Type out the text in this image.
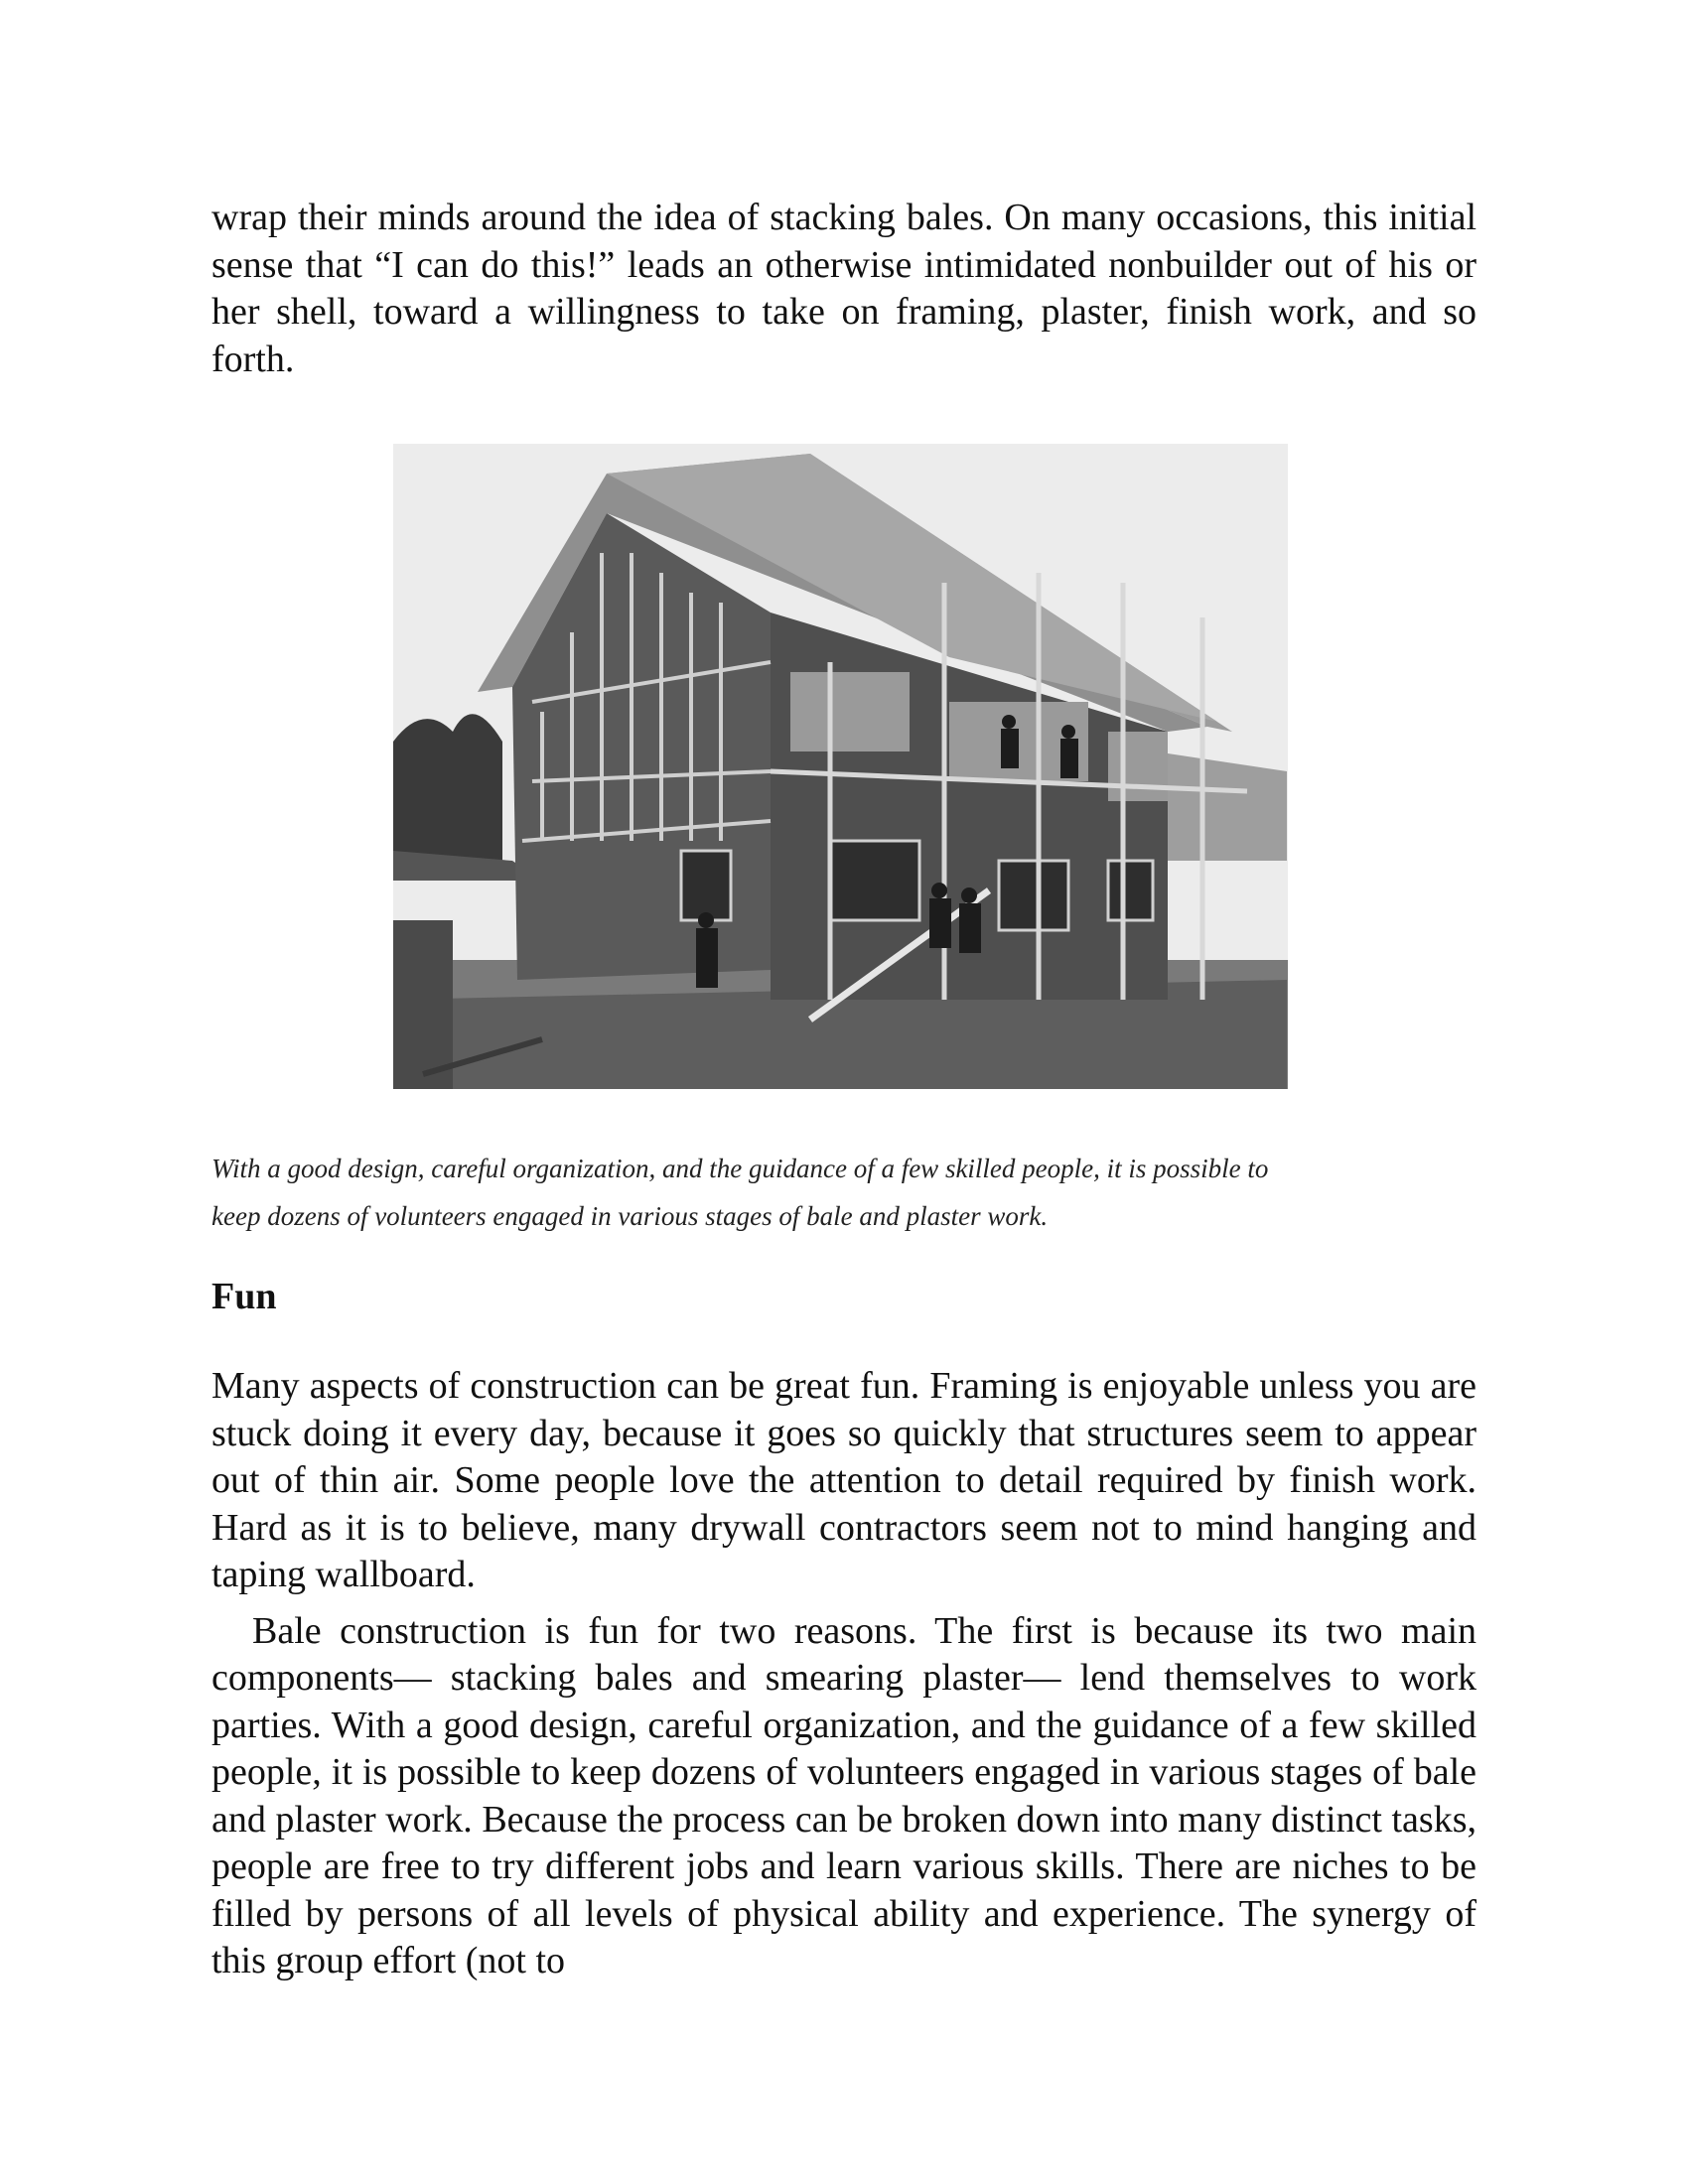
wrap their minds around the idea of stacking bales. On many occasions, this initial sense that “I can do this!” leads an otherwise intimidated nonbuilder out of his or her shell, toward a willingness to take on framing, plaster, finish work, and so forth.

With a good design, careful organization, and the guidance of a few skilled people, it is possible to
keep dozens of volunteers engaged in various stages of bale and plaster work.
Fun

Many aspects of construction can be great fun. Framing is enjoyable unless you are stuck doing it every day, because it goes so quickly that structures seem to appear out of thin air. Some people love the attention to detail required by finish work. Hard as it is to believe, many drywall contractors seem not to mind hanging and taping wallboard.

Bale construction is fun for two reasons. The first is because its two main components— stacking bales and smearing plaster— lend themselves to work parties. With a good design, careful organization, and the guidance of a few skilled people, it is possible to keep dozens of volunteers engaged in various stages of bale and plaster work. Because the process can be broken down into many distinct tasks, people are free to try different jobs and learn various skills. There are niches to be filled by persons of all levels of physical ability and experience. The synergy of this group effort (not to
